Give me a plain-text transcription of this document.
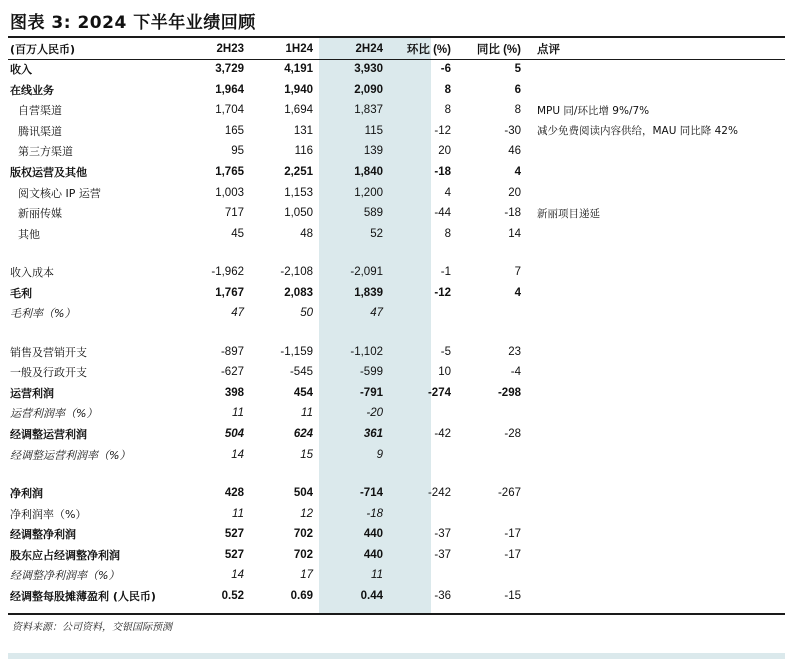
图表 3: 2024 下半年业绩回顾
(百万人民币)	2H23	1H24	2H24	环比 (%)	同比 (%)	点评
收入	3,729	4,191	3,930	-6	5	
在线业务	1,964	1,940	2,090	8	6	
自营渠道	1,704	1,694	1,837	8	8	MPU 同/环比增 9%/7%
腾讯渠道	165	131	115	-12	-30	减少免费阅读内容供给，MAU 同比降 42%
第三方渠道	95	116	139	20	46	
版权运营及其他	1,765	2,251	1,840	-18	4	
阅文核心 IP 运营	1,003	1,153	1,200	4	20	
新丽传媒	717	1,050	589	-44	-18	新丽项目递延
其他	45	48	52	8	14	

收入成本	-1,962	-2,108	-2,091	-1	7	
毛利	1,767	2,083	1,839	-12	4	
毛利率（%）	47	50	47			

销售及营销开支	-897	-1,159	-1,102	-5	23	
一般及行政开支	-627	-545	-599	10	-4	
运营利润	398	454	-791	-274	-298	
运营利润率（%）	11	11	-20			
经调整运营利润	504	624	361	-42	-28	
经调整运营利润率（%）	14	15	9			

净利润	428	504	-714	-242	-267	
净利润率（%）	11	12	-18			
经调整净利润	527	702	440	-37	-17	
股东应占经调整净利润	527	702	440	-37	-17	
经调整净利润率（%）	14	17	11			
经调整每股摊薄盈利 (人民币)	0.52	0.69	0.44	-36	-15	
资料来源：公司资料，交银国际预测
